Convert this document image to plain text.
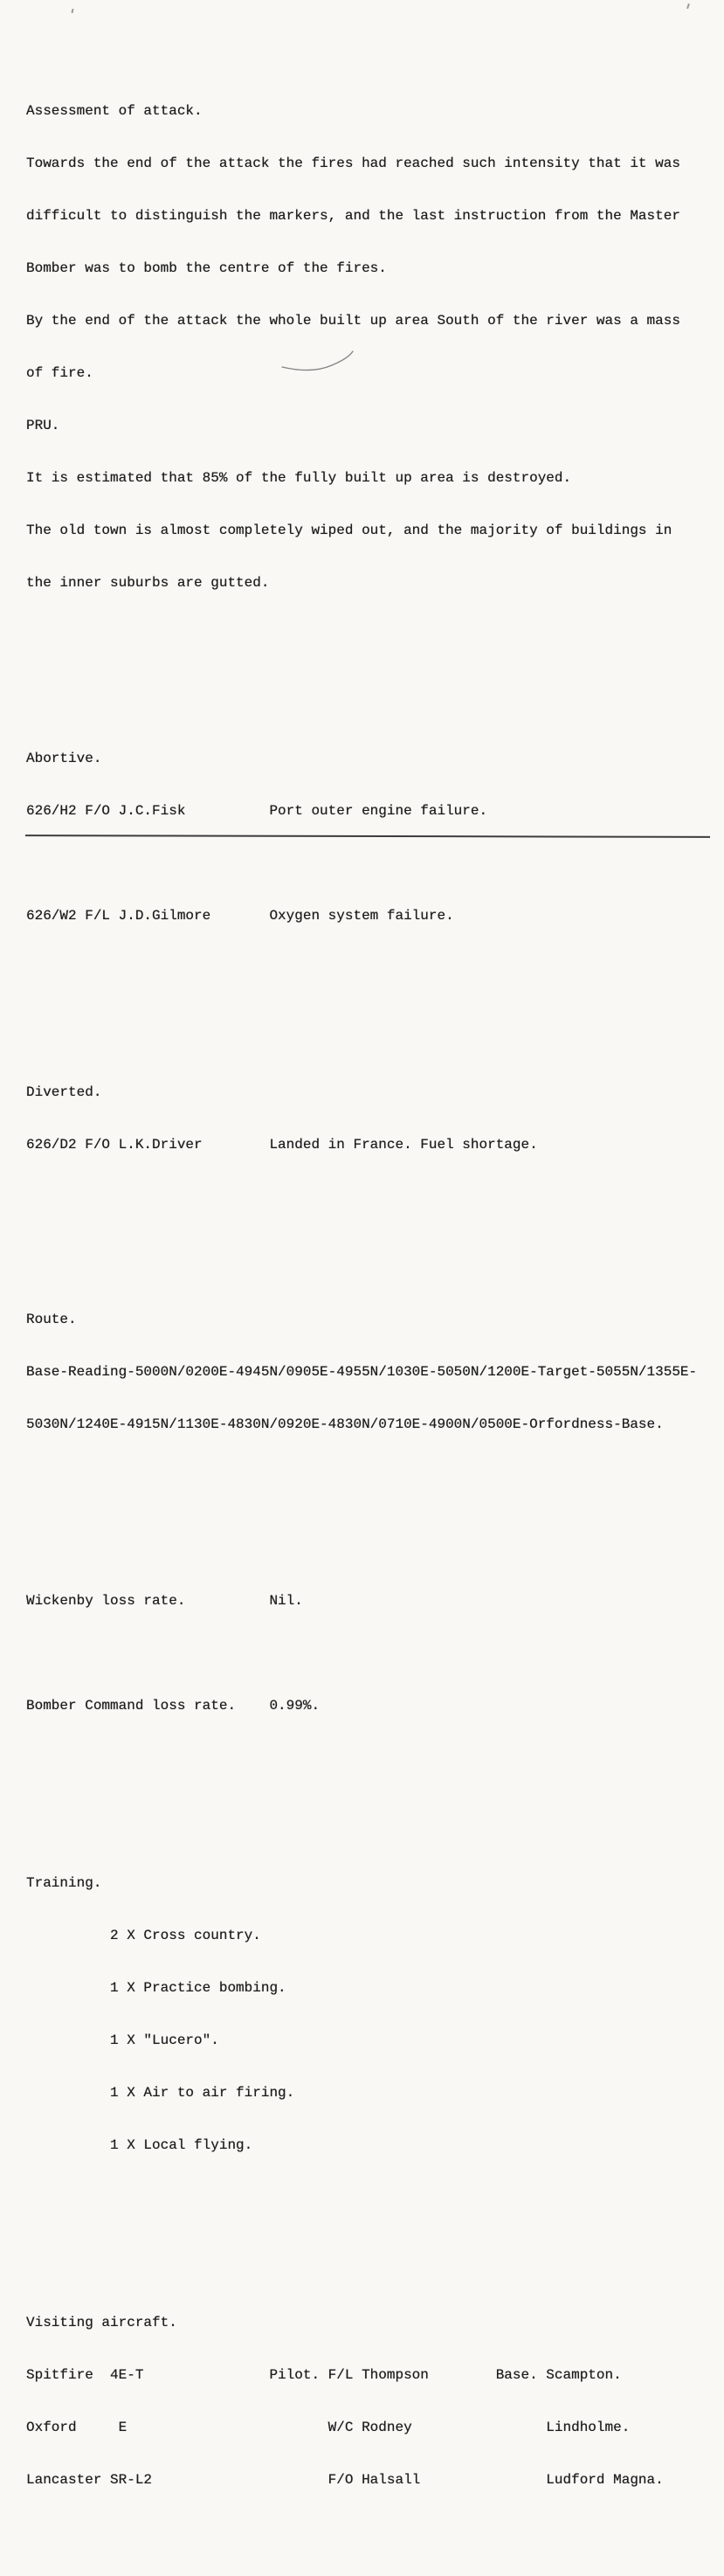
Assessment of attack.

Towards the end of the attack the fires had reached such intensity that it was

difficult to distinguish the markers, and the last instruction from the Master

Bomber was to bomb the centre of the fires.

By the end of the attack the whole built up area South of the river was a mass

of fire.

PRU.

It is estimated that 85% of the fully built up area is destroyed.

The old town is almost completely wiped out, and the majority of buildings in

the inner suburbs are gutted.

Abortive.

626/H2 F/O J.C.Fisk          Port outer engine failure.

626/W2 F/L J.D.Gilmore       Oxygen system failure.

Diverted.

626/D2 F/O L.K.Driver        Landed in France. Fuel shortage.

Route.

Base-Reading-5000N/0200E-4945N/0905E-4955N/1030E-5050N/1200E-Target-5055N/1355E-

5030N/1240E-4915N/1130E-4830N/0920E-4830N/0710E-4900N/0500E-Orfordness-Base.

Wickenby loss rate.          Nil.

Bomber Command loss rate.    0.99%.

Training.

2 X Cross country.

1 X Practice bombing.

1 X "Lucero".

1 X Air to air firing.

1 X Local flying.

Visiting aircraft.

Spitfire  4E-T               Pilot. F/L Thompson        Base. Scampton.

Oxford     E                        W/C Rodney                Lindholme.

Lancaster SR-L2                     F/O Halsall               Ludford Magna.
